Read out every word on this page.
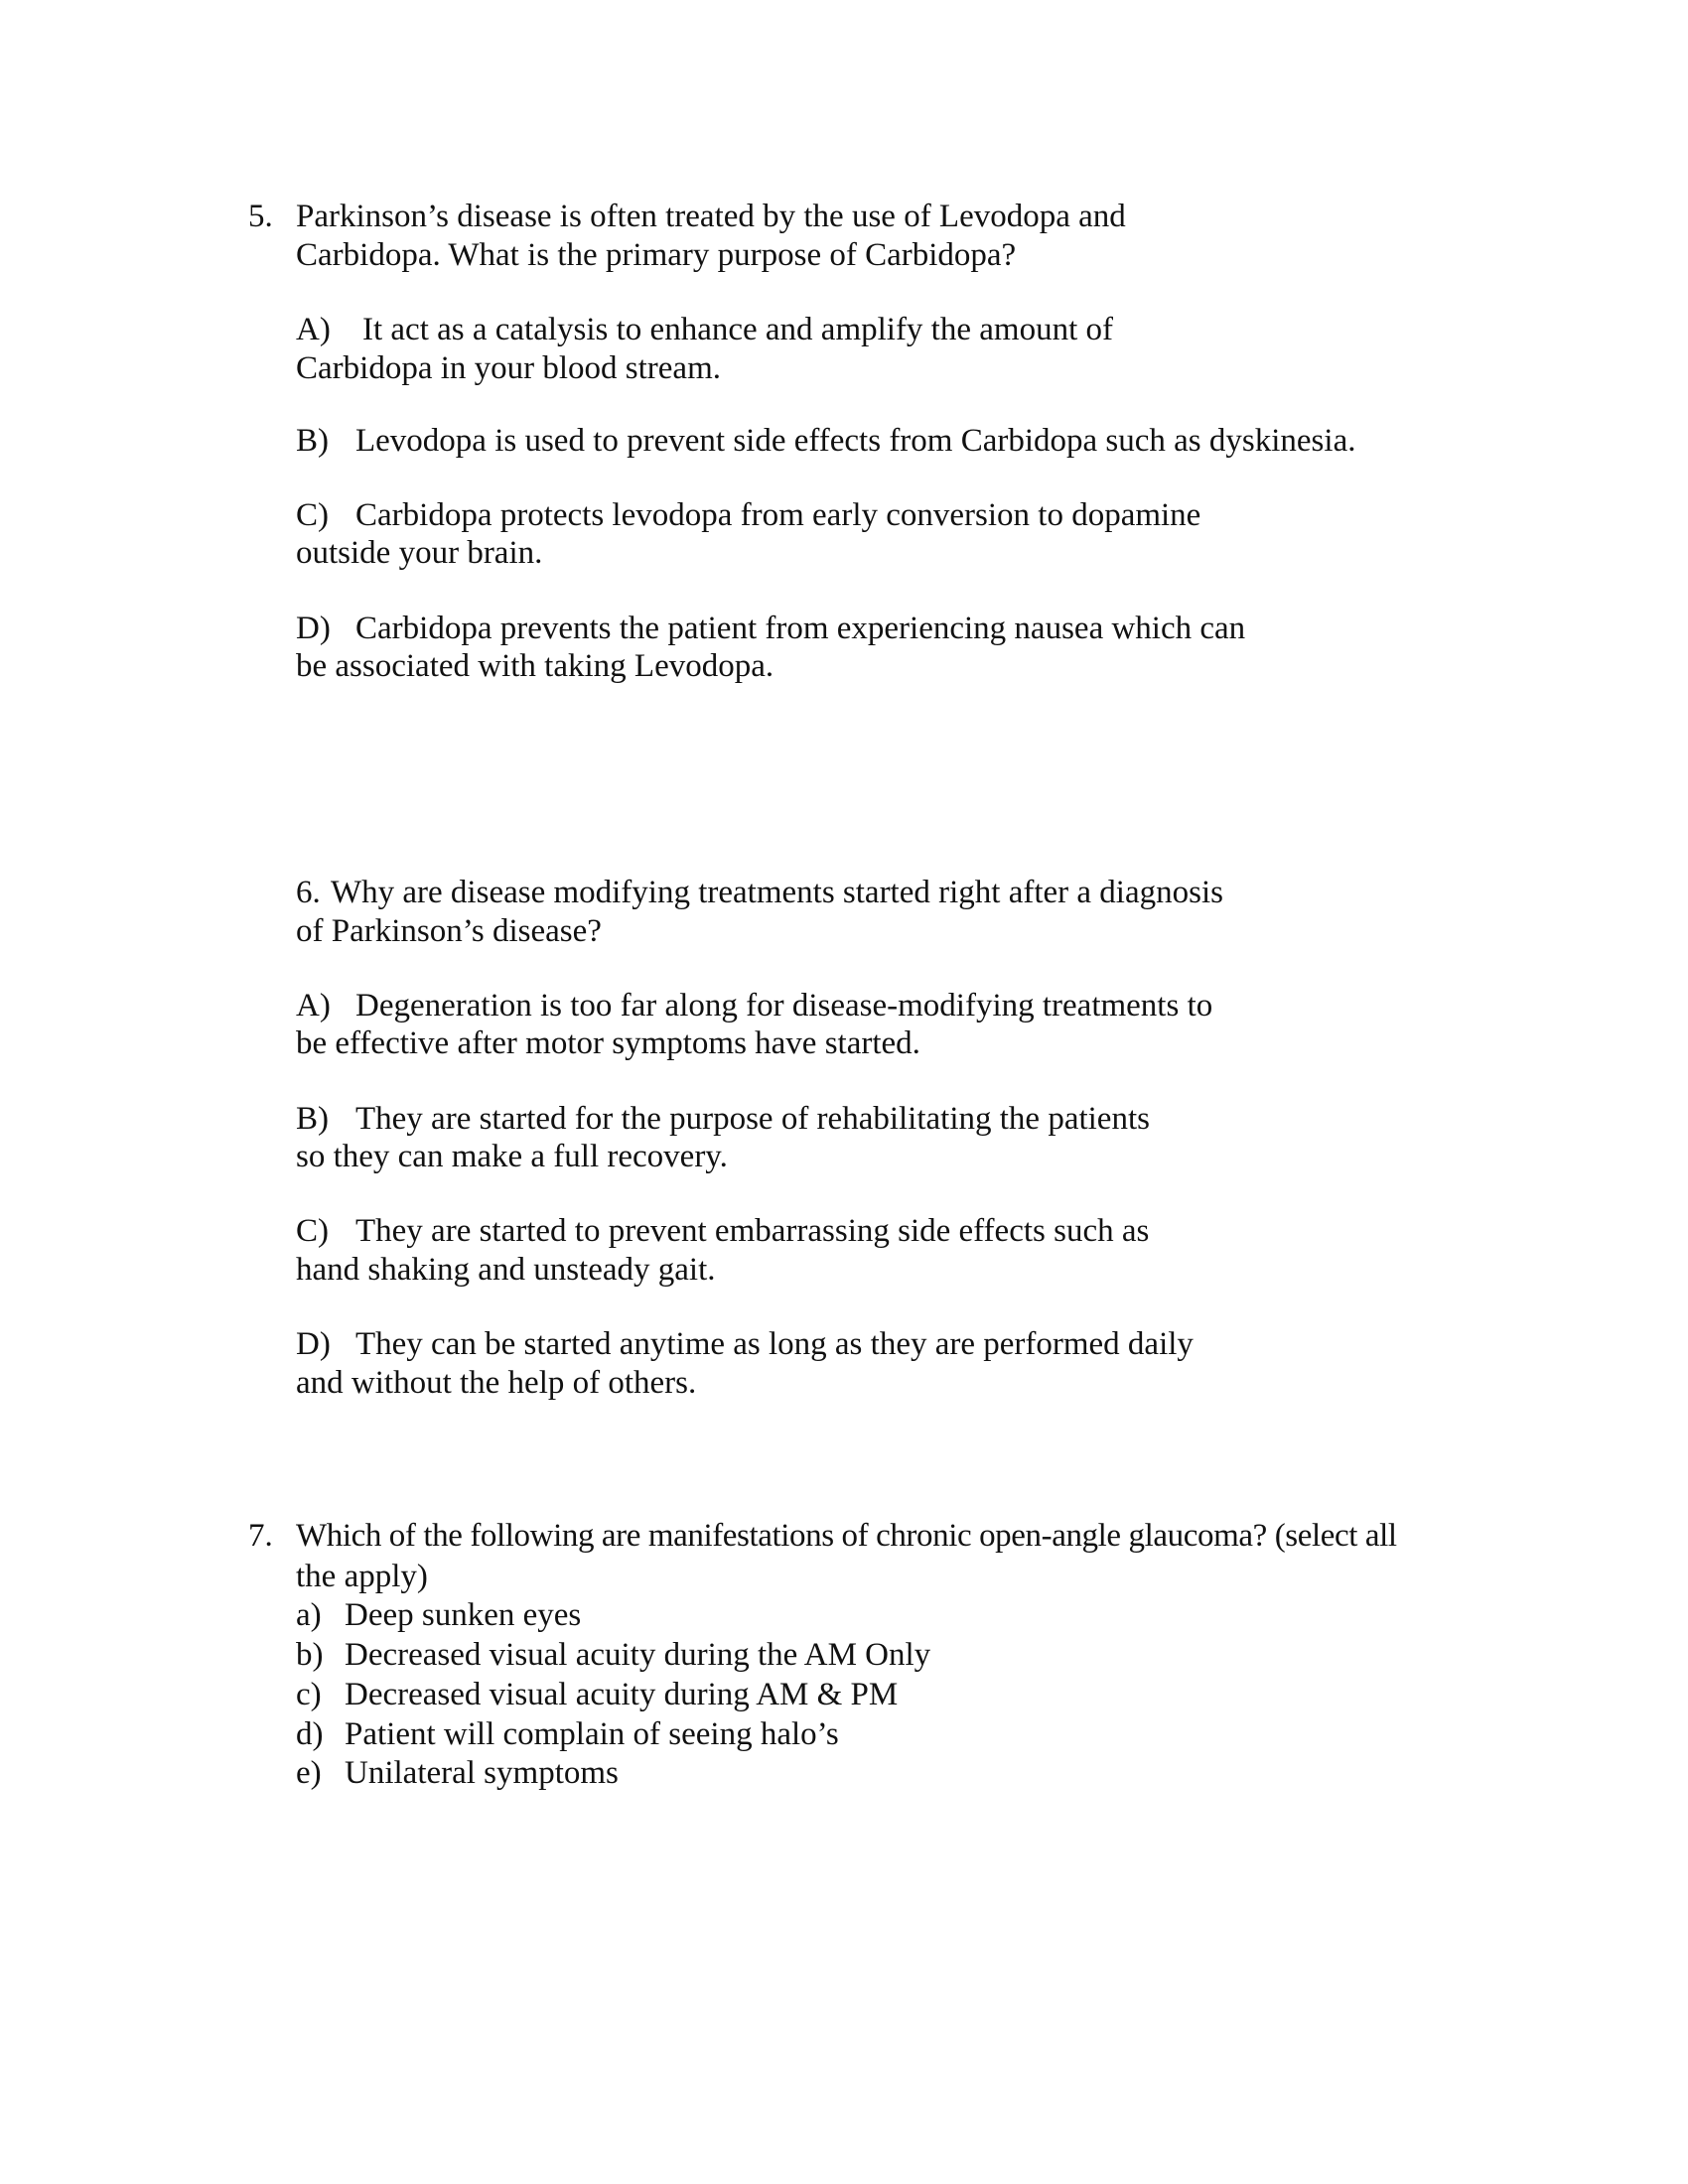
5. Parkinson’s disease is often treated by the use of Levodopa and
Carbidopa. What is the primary purpose of Carbidopa?
A) It act as a catalysis to enhance and amplify the amount of
Carbidopa in your blood stream.
B) Levodopa is used to prevent side effects from Carbidopa such as dyskinesia.
C) Carbidopa protects levodopa from early conversion to dopamine
outside your brain.
D) Carbidopa prevents the patient from experiencing nausea which can
be associated with taking Levodopa.
6. Why are disease modifying treatments started right after a diagnosis
of Parkinson’s disease?
A) Degeneration is too far along for disease-modifying treatments to
be effective after motor symptoms have started.
B) They are started for the purpose of rehabilitating the patients
so they can make a full recovery.
C) They are started to prevent embarrassing side effects such as
hand shaking and unsteady gait.
D) They can be started anytime as long as they are performed daily
and without the help of others.
7. Which of the following are manifestations of chronic open-angle glaucoma? (select all
the apply)
a) Deep sunken eyes
b) Decreased visual acuity during the AM Only
c) Decreased visual acuity during AM & PM
d) Patient will complain of seeing halo’s
e) Unilateral symptoms
